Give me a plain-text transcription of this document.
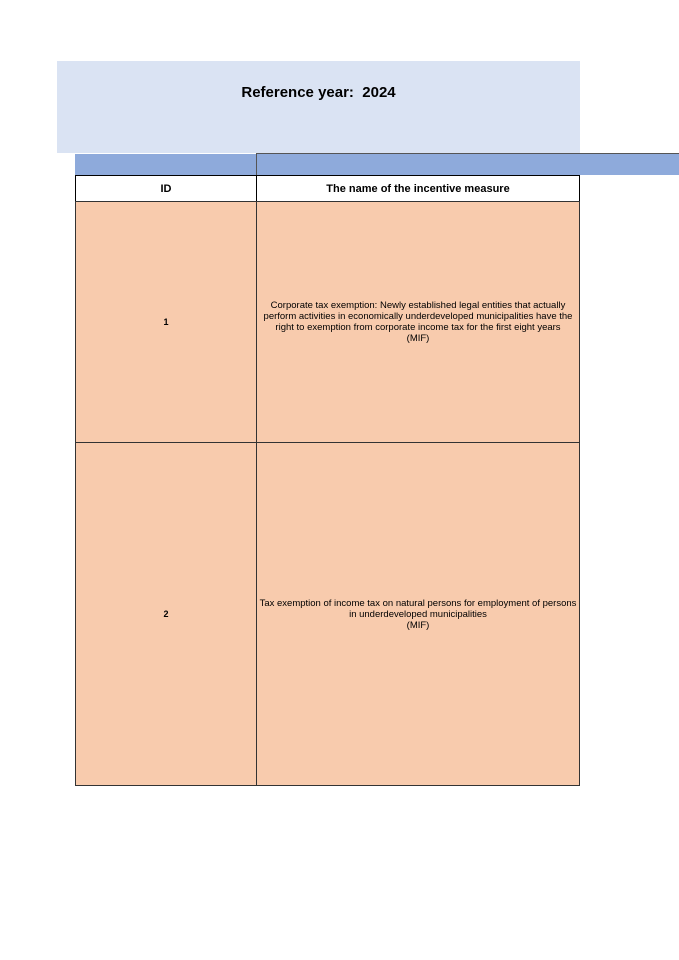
Reference year:  2024
ID	The name of the incentive measure
1
Corporate tax exemption: Newly established legal entities that actually perform activities in economically underdeveloped municipalities have the right to exemption from corporate income tax for the first eight years
(MIF)
2
Tax exemption of income tax on natural persons for employment of persons in underdeveloped municipalities
(MIF)
